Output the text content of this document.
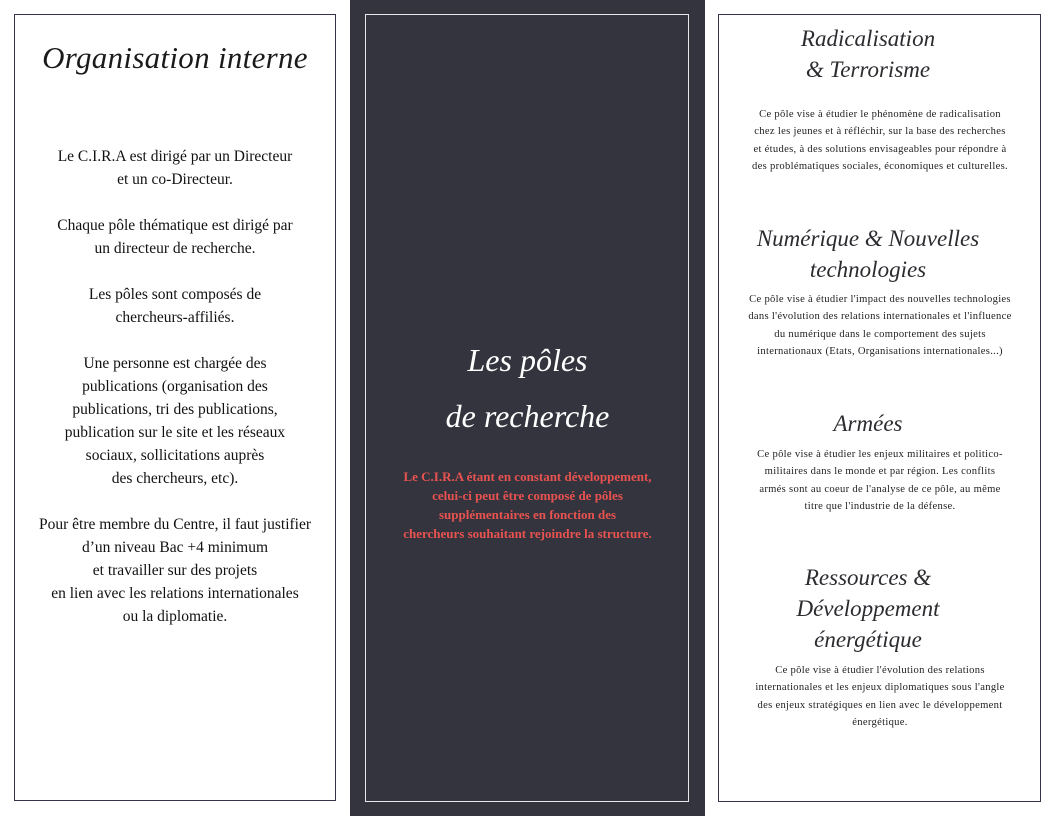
Organisation interne
Le C.I.R.A est dirigé par un Directeur
et un co-Directeur.
Chaque pôle thématique est dirigé par
un directeur de recherche.
Les pôles sont composés de
chercheurs-affiliés.
Une personne est chargée des
publications (organisation des
publications, tri des publications,
publication sur le site et les réseaux
sociaux, sollicitations auprès
des chercheurs, etc).
Pour être membre du Centre, il faut justifier
d’un niveau Bac +4 minimum
et travailler sur des projets
en lien avec les relations internationales
ou la diplomatie.
Les pôles
de recherche
Le C.I.R.A étant en constant développement,
celui-ci peut être composé de pôles
supplémentaires en fonction des
chercheurs souhaitant rejoindre la structure.
Radicalisation
& Terrorisme
Ce pôle vise à étudier le phénomène de radicalisation
chez les jeunes et à réfléchir, sur la base des recherches
et études, à des solutions envisageables pour répondre à
des problématiques sociales, économiques et culturelles.
Numérique & Nouvelles
technologies
Ce pôle vise à étudier l'impact des nouvelles technologies
dans l'évolution des relations internationales et l'influence
du numérique dans le comportement des sujets
internationaux (Etats, Organisations internationales...)
Armées
Ce pôle vise à étudier les enjeux militaires et politico-
militaires dans le monde et par région. Les conflits
armés sont au coeur de l'analyse de ce pôle, au même
titre que l'industrie de la défense.
Ressources &
Développement
énergétique
Ce pôle vise à étudier l'évolution des relations
internationales et les enjeux diplomatiques sous l'angle
des enjeux stratégiques en lien avec le développement
énergétique.
